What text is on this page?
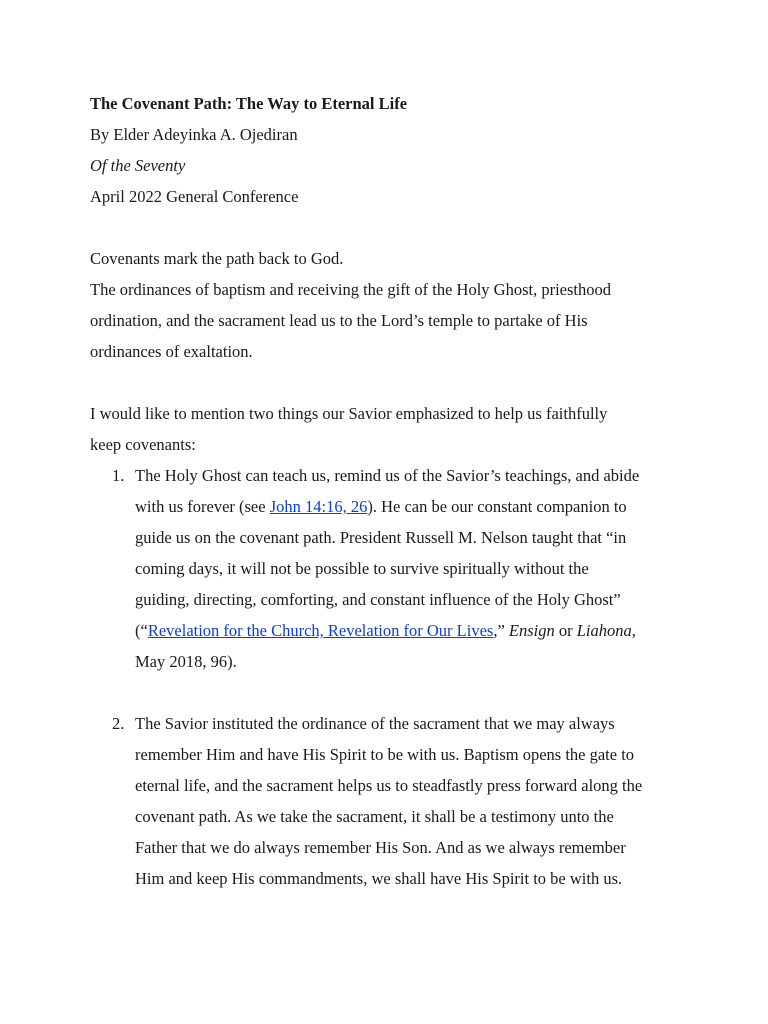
The Covenant Path: The Way to Eternal Life
By Elder Adeyinka A. Ojediran
Of the Seventy
April 2022 General Conference
Covenants mark the path back to God.
The ordinances of baptism and receiving the gift of the Holy Ghost, priesthood
ordination, and the sacrament lead us to the Lord’s temple to partake of His
ordinances of exaltation.
I would like to mention two things our Savior emphasized to help us faithfully
keep covenants:
1. The Holy Ghost can teach us, remind us of the Savior’s teachings, and abide
with us forever (see John 14:16, 26). He can be our constant companion to
guide us on the covenant path. President Russell M. Nelson taught that “in
coming days, it will not be possible to survive spiritually without the
guiding, directing, comforting, and constant influence of the Holy Ghost”
(“Revelation for the Church, Revelation for Our Lives,” Ensign or Liahona,
May 2018, 96).
2. The Savior instituted the ordinance of the sacrament that we may always
remember Him and have His Spirit to be with us. Baptism opens the gate to
eternal life, and the sacrament helps us to steadfastly press forward along the
covenant path. As we take the sacrament, it shall be a testimony unto the
Father that we do always remember His Son. And as we always remember
Him and keep His commandments, we shall have His Spirit to be with us.
